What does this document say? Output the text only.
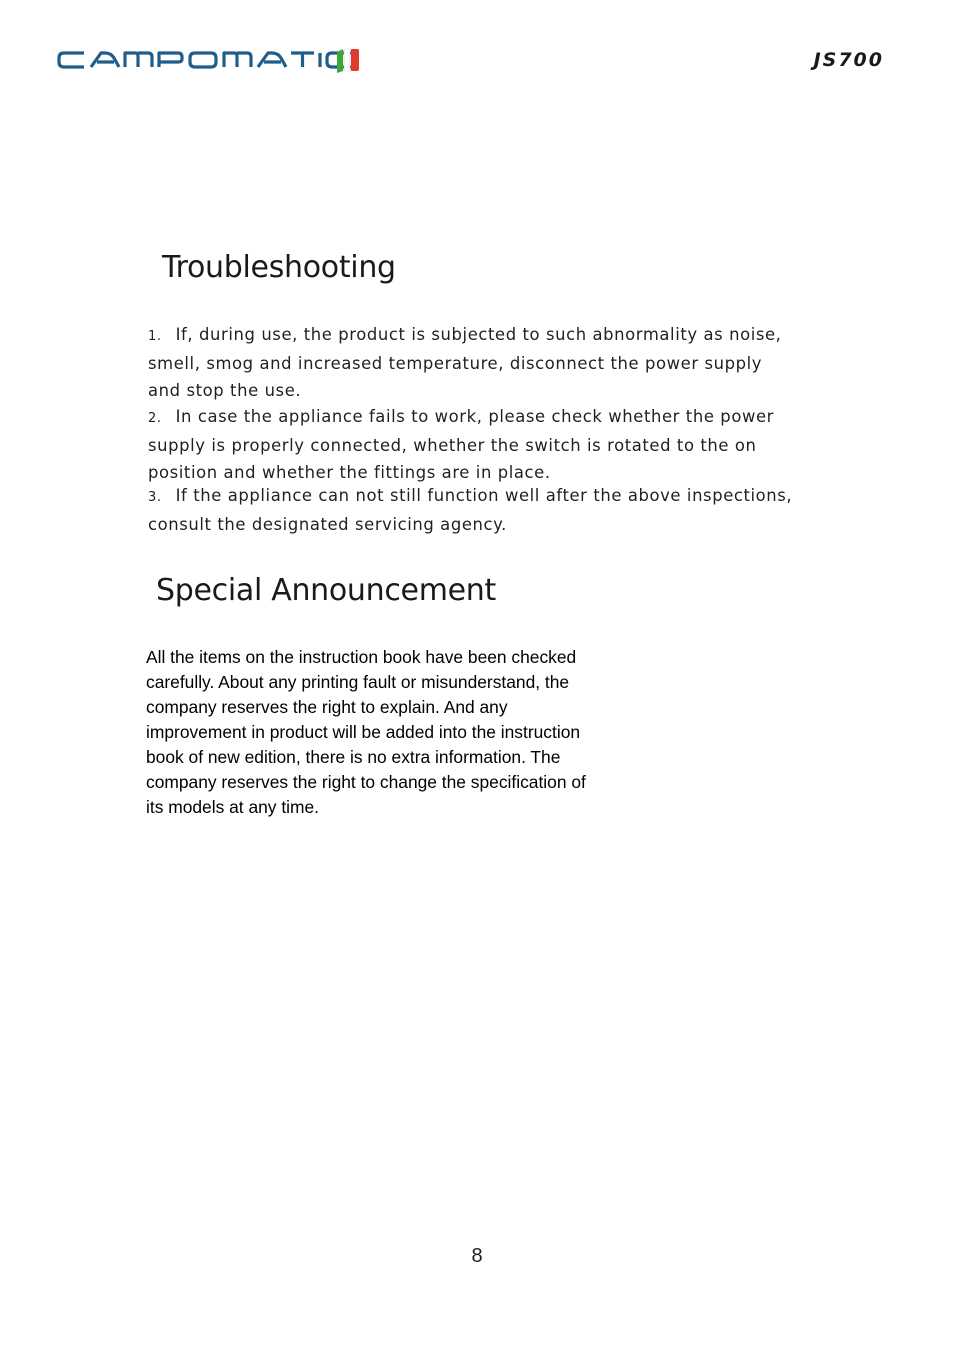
JS700
Troubleshooting

1. If, during use, the product is subjected to such abnormality as noise,
smell, smog and increased temperature, disconnect the power supply
and stop the use.

2. In case the appliance fails to work, please check whether the power
supply is properly connected, whether the switch is rotated to the on
position and whether the fittings are in place.

3. If the appliance can not still function well after the above inspections,
consult the designated servicing agency.

Special Announcement

All the items on the instruction book have been checked
carefully. About any printing fault or misunderstand, the
company reserves the right to explain. And any
improvement in product will be added into the instruction
book of new edition, there is no extra information. The
company reserves the right to change the specification of
its models at any time.

8
